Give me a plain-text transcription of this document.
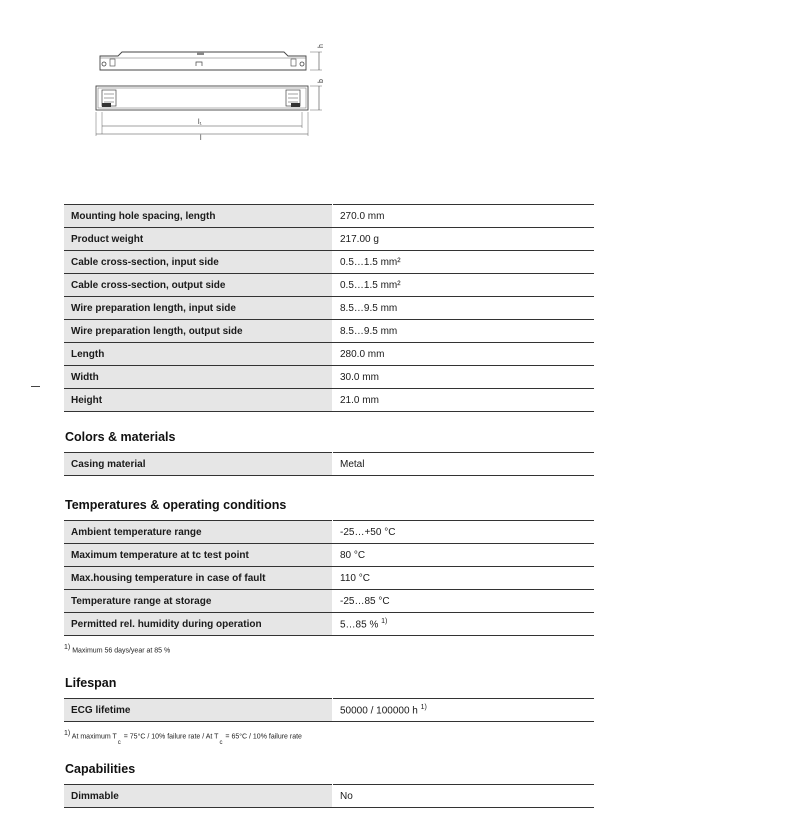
h
b
l₁
l
Mounting hole spacing, length	270.0 mm
Product weight	217.00 g
Cable cross-section, input side	0.5…1.5 mm²
Cable cross-section, output side	0.5…1.5 mm²
Wire preparation length, input side	8.5…9.5 mm
Wire preparation length, output side	8.5…9.5 mm
Length	280.0 mm
Width	30.0 mm
Height	21.0 mm
Colors & materials
Casing material	Metal
Temperatures & operating conditions
Ambient temperature range	-25…+50 °C
Maximum temperature at tc test point	80 °C
Max.housing temperature in case of fault	110 °C
Temperature range at storage	-25…85 °C
Permitted rel. humidity during operation	5…85 % $^{1)}$
$^{1)}$ Maximum 56 days/year at 85 %
Lifespan
ECG lifetime	50000 / 100000 h $^{1)}$
$^{1)}$ At maximum Tc = 75°C / 10% failure rate / At Tc = 65°C / 10% failure rate
Capabilities
Dimmable	No
